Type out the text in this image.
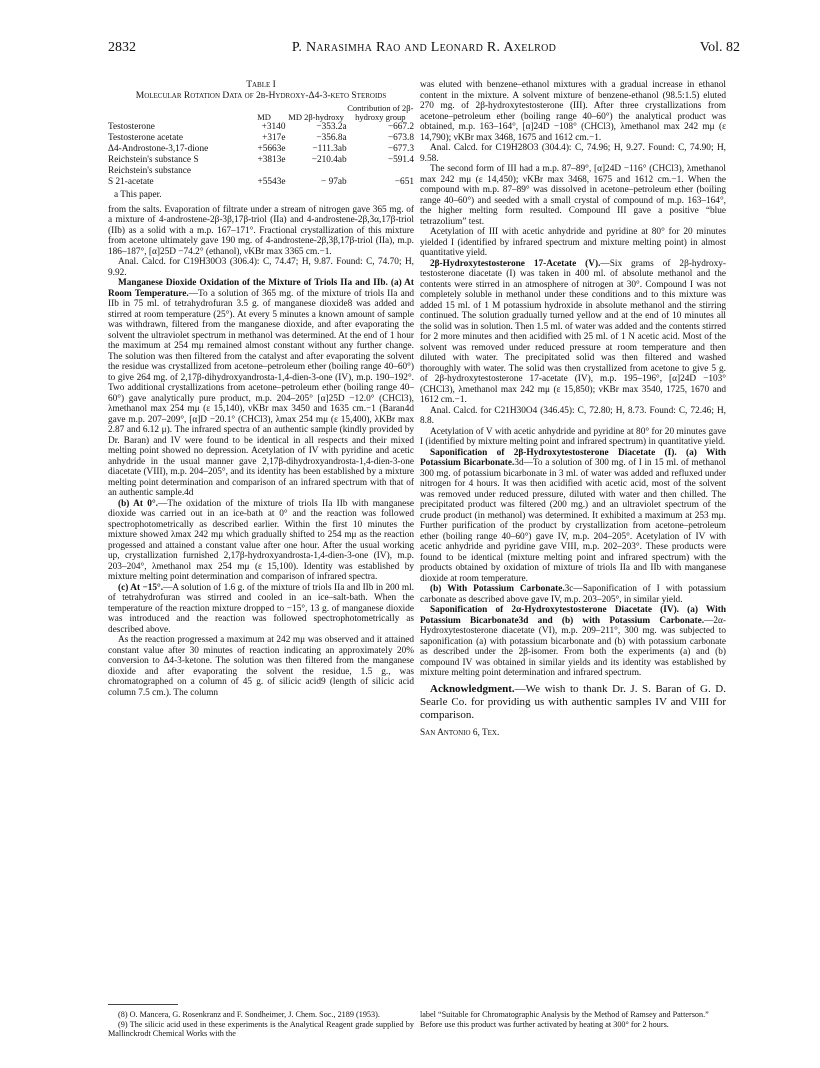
2832	P. Narasimha Rao and Leonard R. Axelrod	Vol. 82
Table I
Molecular Rotation Data of 2β-Hydroxy-Δ4-3-keto Steroids
	MD	MD 2β-hydroxy	Contribution of 2β-hydroxy group
Testosterone	+3140	−353.2a	−667.2
Testosterone acetate	+317e	−356.8a	−673.8
Δ4-Androstone-3,17-dione	+5663e	−111.3ab	−677.3
Reichstein's substance S	+3813e	−210.4ab	−591.4
Reichstein's substance			
S 21-acetate	+5543e	− 97ab	−651
a This paper.

from the salts. Evaporation of filtrate under a stream of nitrogen gave 365 mg. of a mixture of 4-androstene-2β-3β,17β-triol (IIa) and 4-androstene-2β,3α,17β-triol (IIb) as a solid with a m.p. 167–171°. Fractional crystallization of this mixture from acetone ultimately gave 190 mg. of 4-androstene-2β,3β,17β-triol (IIa), m.p. 186–187°, [α]25D −74.2° (ethanol), νKBr max 3365 cm.−1.

Anal. Calcd. for C19H30O3 (306.4): C, 74.47; H, 9.87. Found: C, 74.70; H, 9.92.

Manganese Dioxide Oxidation of the Mixture of Triols IIa and IIb. (a) At Room Temperature.—To a solution of 365 mg. of the mixture of triols IIa and IIb in 75 ml. of tetrahydrofuran 3.5 g. of manganese dioxide8 was added and stirred at room temperature (25°). At every 5 minutes a known amount of sample was withdrawn, filtered from the manganese dioxide, and after evaporating the solvent the ultraviolet spectrum in methanol was determined. At the end of 1 hour the maximum at 254 mμ remained almost constant without any further change. The solution was then filtered from the catalyst and after evaporating the solvent the residue was crystallized from acetone–petroleum ether (boiling range 40–60°) to give 264 mg. of 2,17β-dihydroxyandrosta-1,4-dien-3-one (IV), m.p. 190–192°. Two additional crystallizations from acetone–petroleum ether (boiling range 40–60°) gave analytically pure product, m.p. 204–205° [α]25D −12.0° (CHCl3), λmethanol max 254 mμ (ε 15,140), νKBr max 3450 and 1635 cm.−1 (Baran4d gave m.p. 207–209°, [α]D −20.1° (CHCl3), λmax 254 mμ (ε 15,400), λKBr max 2.87 and 6.12 μ). The infrared spectra of an authentic sample (kindly provided by Dr. Baran) and IV were found to be identical in all respects and their mixed melting point showed no depression. Acetylation of IV with pyridine and acetic anhydride in the usual manner gave 2,17β-dihydroxyandrosta-1,4-dien-3-one diacetate (VIII), m.p. 204–205°, and its identity has been established by a mixture melting point determination and comparison of an infrared spectrum with that of an authentic sample.4d

(b) At 0°.—The oxidation of the mixture of triols IIa IIb with manganese dioxide was carried out in an ice-bath at 0° and the reaction was followed spectrophotometrically as described earlier. Within the first 10 minutes the mixture showed λmax 242 mμ which gradually shifted to 254 mμ as the reaction progessed and attained a constant value after one hour. After the usual working up, crystallization furnished 2,17β-hydroxyandrosta-1,4-dien-3-one (IV), m.p. 203–204°, λmethanol max 254 mμ (ε 15,100). Identity was established by mixture melting point determination and comparison of infrared spectra.

(c) At −15°.—A solution of 1.6 g. of the mixture of triols IIa and IIb in 200 ml. of tetrahydrofuran was stirred and cooled in an ice–salt-bath. When the temperature of the reaction mixture dropped to −15°, 13 g. of manganese dioxide was introduced and the reaction was followed spectrophotometrically as described above.

As the reaction progressed a maximum at 242 mμ was observed and it attained constant value after 30 minutes of reaction indicating an approximately 20% conversion to Δ4-3-ketone. The solution was then filtered from the manganese dioxide and after evaporating the solvent the residue, 1.5 g., was chromatographed on a column of 45 g. of silicic acid9 (length of silicic acid column 7.5 cm.). The column

was eluted with benzene–ethanol mixtures with a gradual increase in ethanol content in the mixture. A solvent mixture of benzene-ethanol (98.5:1.5) eluted 270 mg. of 2β-hydroxytestosterone (III). After three crystallizations from acetone–petroleum ether (boiling range 40–60°) the analytical product was obtained, m.p. 163–164°, [α]24D −108° (CHCl3), λmethanol max 242 mμ (ε 14,790); νKBr max 3468, 1675 and 1612 cm.−1.

Anal. Calcd. for C19H28O3 (304.4): C, 74.96; H, 9.27. Found: C, 74.90; H, 9.58.

The second form of III had a m.p. 87–89°, [α]24D −116° (CHCl3), λmethanol max 242 mμ (ε 14,450); νKBr max 3468, 1675 and 1612 cm.−1. When the compound with m.p. 87–89° was dissolved in acetone–petroleum ether (boiling range 40–60°) and seeded with a small crystal of compound of m.p. 163–164°, the higher melting form resulted. Compound III gave a positive “blue tetrazolium” test.

Acetylation of III with acetic anhydride and pyridine at 80° for 20 minutes yielded I (identified by infrared spectrum and mixture melting point) in almost quantitative yield.

2β-Hydroxytestosterone 17-Acetate (V).—Six grams of 2β-hydroxy-testosterone diacetate (I) was taken in 400 ml. of absolute methanol and the contents were stirred in an atmosphere of nitrogen at 30°. Compound I was not completely soluble in methanol under these conditions and to this mixture was added 15 ml. of 1 M potassium hydroxide in absolute methanol and the stirring continued. The solution gradually turned yellow and at the end of 10 minutes all the solid was in solution. Then 1.5 ml. of water was added and the contents stirred for 2 more minutes and then acidified with 25 ml. of 1 N acetic acid. Most of the solvent was removed under reduced pressure at room temperature and then diluted with water. The precipitated solid was then filtered and washed thoroughly with water. The solid was then crystallized from acetone to give 5 g. of 2β-hydroxytestosterone 17-acetate (IV), m.p. 195–196°, [α]24D −103° (CHCl3), λmethanol max 242 mμ (ε 15,850); νKBr max 3540, 1725, 1670 and 1612 cm.−1.

Anal. Calcd. for C21H30O4 (346.45): C, 72.80; H, 8.73. Found: C, 72.46; H, 8.8.

Acetylation of V with acetic anhydride and pyridine at 80° for 20 minutes gave I (identified by mixture melting point and infrared spectrum) in quantitative yield.

Saponification of 2β-Hydroxytestosterone Diacetate (I). (a) With Potassium Bicarbonate.3d—To a solution of 300 mg. of I in 15 ml. of methanol 300 mg. of potassium bicarbonate in 3 ml. of water was added and refluxed under nitrogen for 4 hours. It was then acidified with acetic acid, most of the solvent was removed under reduced pressure, diluted with water and then chilled. The precipitated product was filtered (200 mg.) and an ultraviolet spectrum of the crude product (in methanol) was determined. It exhibited a maximum at 253 mμ. Further purification of the product by crystallization from acetone–petroleum ether (boiling range 40–60°) gave IV, m.p. 204–205°. Acetylation of IV with acetic anhydride and pyridine gave VIII, m.p. 202–203°. These products were found to be identical (mixture melting point and infrared spectrum) with the products obtained by oxidation of mixture of triols IIa and IIb with manganese dioxide at room temperature.

(b) With Potassium Carbonate.3c—Saponification of I with potassium carbonate as described above gave IV, m.p. 203–205°, in similar yield.

Saponification of 2α-Hydroxytestosterone Diacetate (IV). (a) With Potassium Bicarbonate3d and (b) with Potassium Carbonate.—2α-Hydroxytestosterone diacetate (VI), m.p. 209–211°, 300 mg. was subjected to saponification (a) with potassium bicarbonate and (b) with potassium carbonate as described under the 2β-isomer. From both the experiments (a) and (b) compound IV was obtained in similar yields and its identity was established by mixture melting point determination and infrared spectrum.

Acknowledgment.—We wish to thank Dr. J. S. Baran of G. D. Searle Co. for providing us with authentic samples IV and VIII for comparison.

San Antonio 6, Tex.

(8) O. Mancera, G. Rosenkranz and F. Sondheimer, J. Chem. Soc., 2189 (1953).

(9) The silicic acid used in these experiments is the Analytical Reagent grade supplied by Mallinckrodt Chemical Works with the

label “Suitable for Chromatographic Analysis by the Method of Ramsey and Patterson.” Before use this product was further activated by heating at 300° for 2 hours.
